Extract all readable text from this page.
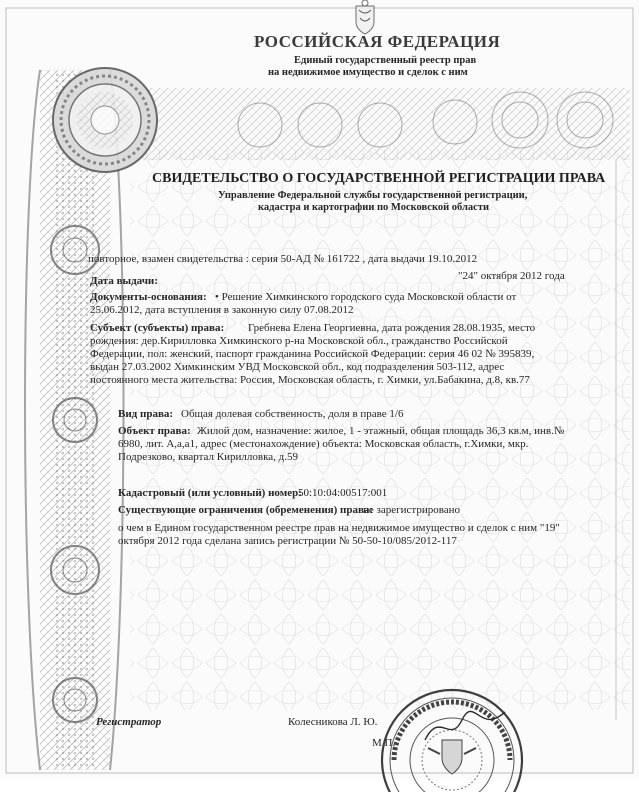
РОССИЙСКАЯ ФЕДЕРАЦИЯ
Единый государственный реестр прав
на недвижимое имущество и сделок с ним
СВИДЕТЕЛЬСТВО О ГОСУДАРСТВЕННОЙ РЕГИСТРАЦИИ ПРАВА
Управление Федеральной службы государственной регистрации,
кадастра и картографии по Московской области
повторное, взамен свидетельства : серия 50-АД № 161722 , дата выдачи 19.10.2012
Дата выдачи:	"24" октября 2012 года
Документы-основания: • Решение Химкинского городского суда Московской области от
25.06.2012, дата вступления в законную силу 07.08.2012
Субъект (субъекты) права: Гребнева Елена Георгиевна, дата рождения 28.08.1935, место
рождения: дер.Кирилловка Химкинского р-на Московской обл., гражданство Российской
Федерации, пол: женский, паспорт гражданина Российской Федерации: серия 46 02 № 395839,
выдан 27.03.2002 Химкинским УВД Московской обл., код подразделения 503-112, адрес
постоянного места жительства: Россия, Московская область, г. Химки, ул.Бабакина, д.8, кв.77
Вид права: Общая долевая собственность, доля в праве 1/6
Объект права: Жилой дом, назначение: жилое, 1 - этажный, общая площадь 36,3 кв.м, инв.№
6980, лит. А,а,а1, адрес (местонахождение) объекта: Московская область, г.Химки, мкр.
Подрезково, квартал Кирилловка, д.59
Кадастровый (или условный) номер:
50:10:04:00517:001
Существующие ограничения (обременения) права:
не зарегистрировано
о чем в Едином государственном реестре прав на недвижимое имущество и сделок с ним "19"
октября 2012 года сделана запись регистрации № 50-50-10/085/2012-117
Регистратор	Колесникова Л. Ю.
М.П.
